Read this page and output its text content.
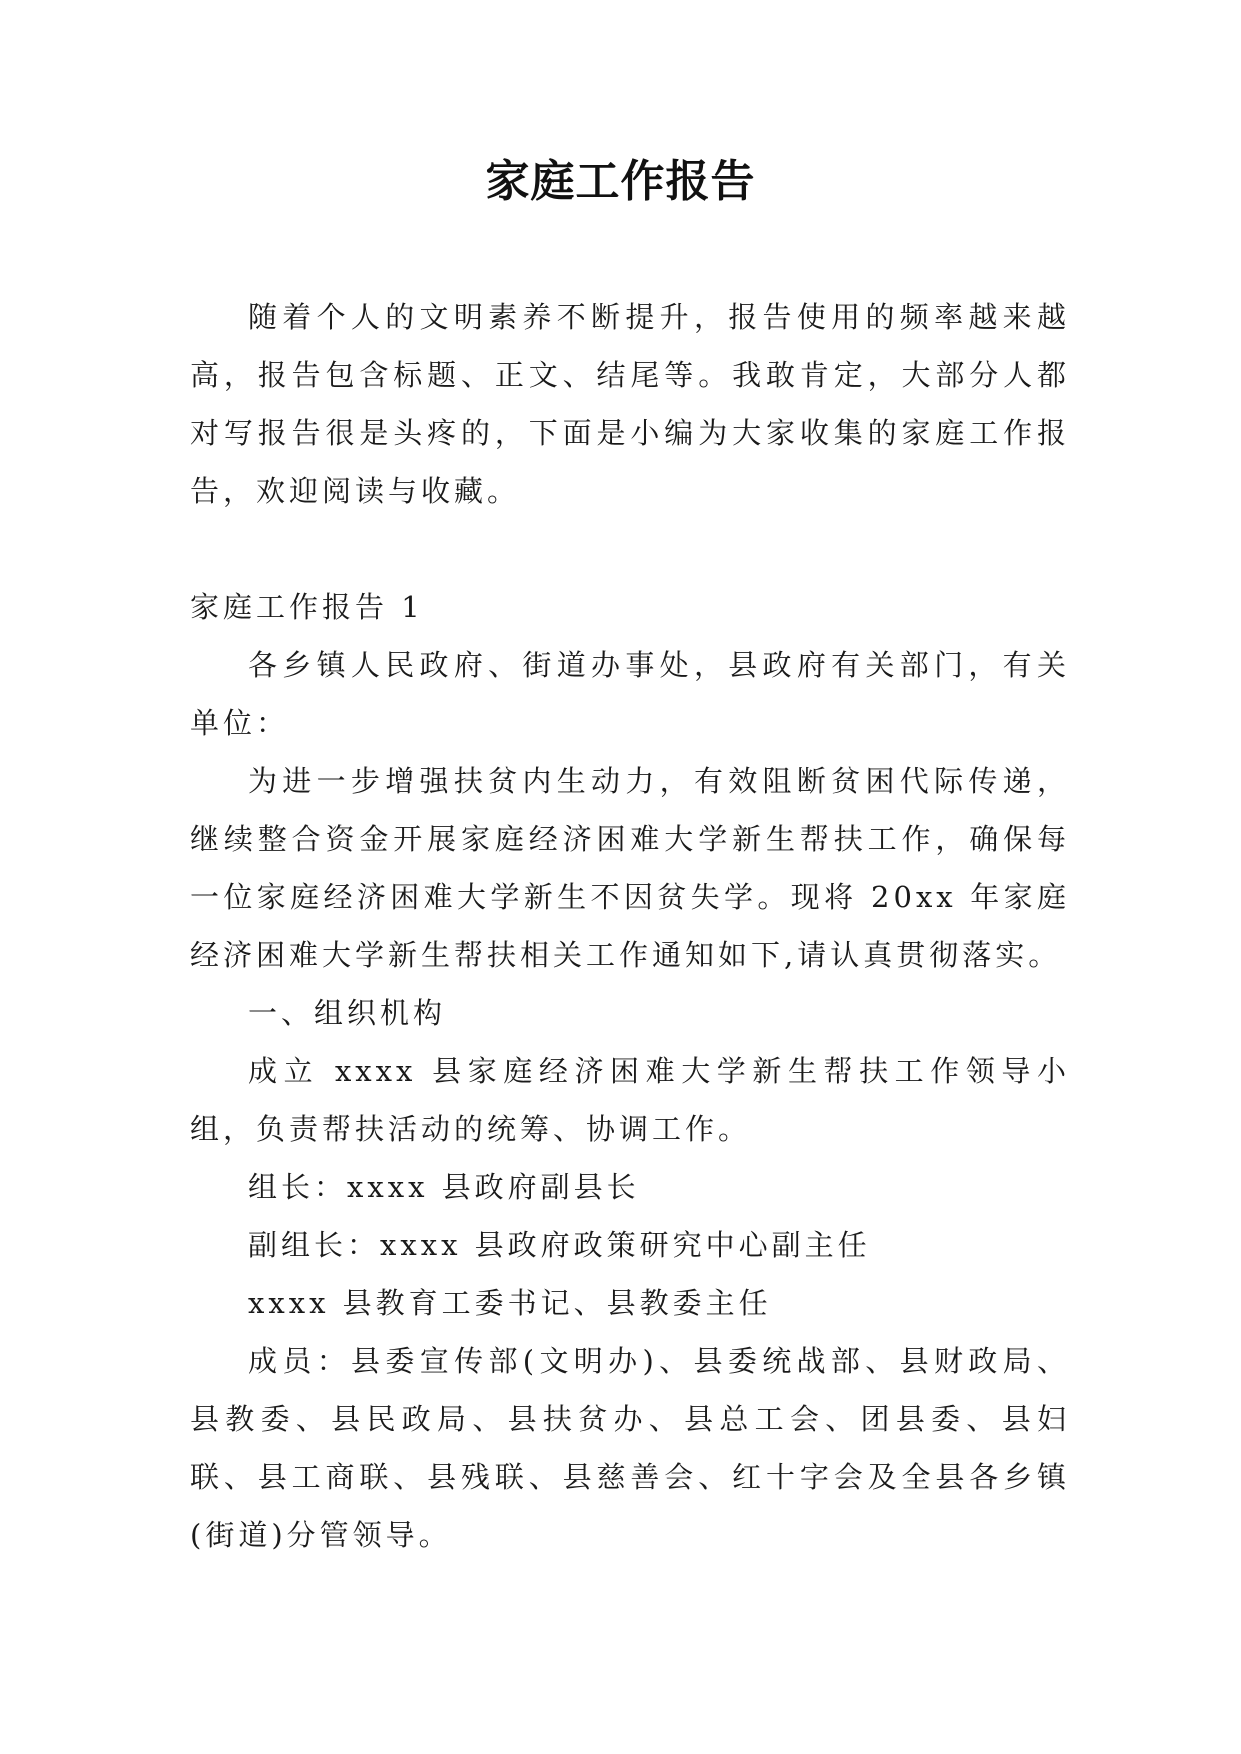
家庭工作报告

随着个人的文明素养不断提升，报告使用的频率越来越高，报告包含标题、正文、结尾等。我敢肯定，大部分人都对写报告很是头疼的，下面是小编为大家收集的家庭工作报告，欢迎阅读与收藏。

家庭工作报告 1

各乡镇人民政府、街道办事处，县政府有关部门，有关单位：

为进一步增强扶贫内生动力，有效阻断贫困代际传递，继续整合资金开展家庭经济困难大学新生帮扶工作，确保每一位家庭经济困难大学新生不因贫失学。现将 20xx 年家庭经济困难大学新生帮扶相关工作通知如下,请认真贯彻落实。

一、组织机构

成立 xxxx 县家庭经济困难大学新生帮扶工作领导小组，负责帮扶活动的统筹、协调工作。

组长：xxxx 县政府副县长

副组长：xxxx 县政府政策研究中心副主任

xxxx 县教育工委书记、县教委主任

成员：县委宣传部(文明办)、县委统战部、县财政局、县教委、县民政局、县扶贫办、县总工会、团县委、县妇联、县工商联、县残联、县慈善会、红十字会及全县各乡镇(街道)分管领导。
